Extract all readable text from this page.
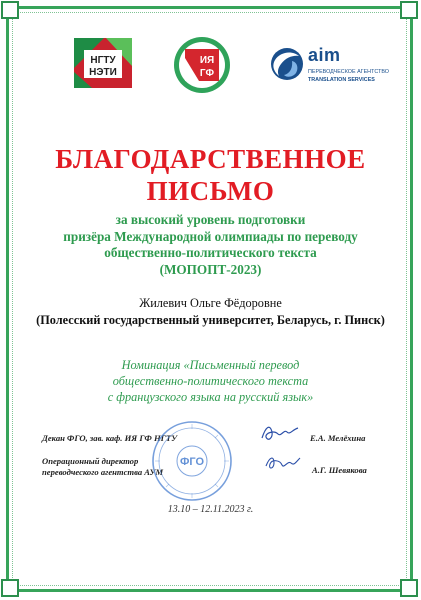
НГТУ
НЭТИ
ИЯ
ГФ
aim
ПЕРЕВОДЧЕСКОЕ АГЕНТСТВО
TRANSLATION SERVICES
БЛАГОДАРСТВЕННОЕ
ПИСЬМО
за высокий уровень подготовки
призёра Международной олимпиады по переводу
общественно-политического текста
(МОПОПТ-2023)
Жилевич Ольге Фёдоровне
(Полесский государственный университет, Беларусь, г. Пинск)
Номинация «Письменный перевод
общественно-политического текста
с французского языка на русский язык»
Декан ФГО, зав. каф. ИЯ ГФ НГТУ
Операционный директор
переводческого агентства АУМ
Е.А. Мелёхина
А.Г. Шевякова
ФГО
13.10 – 12.11.2023 г.
